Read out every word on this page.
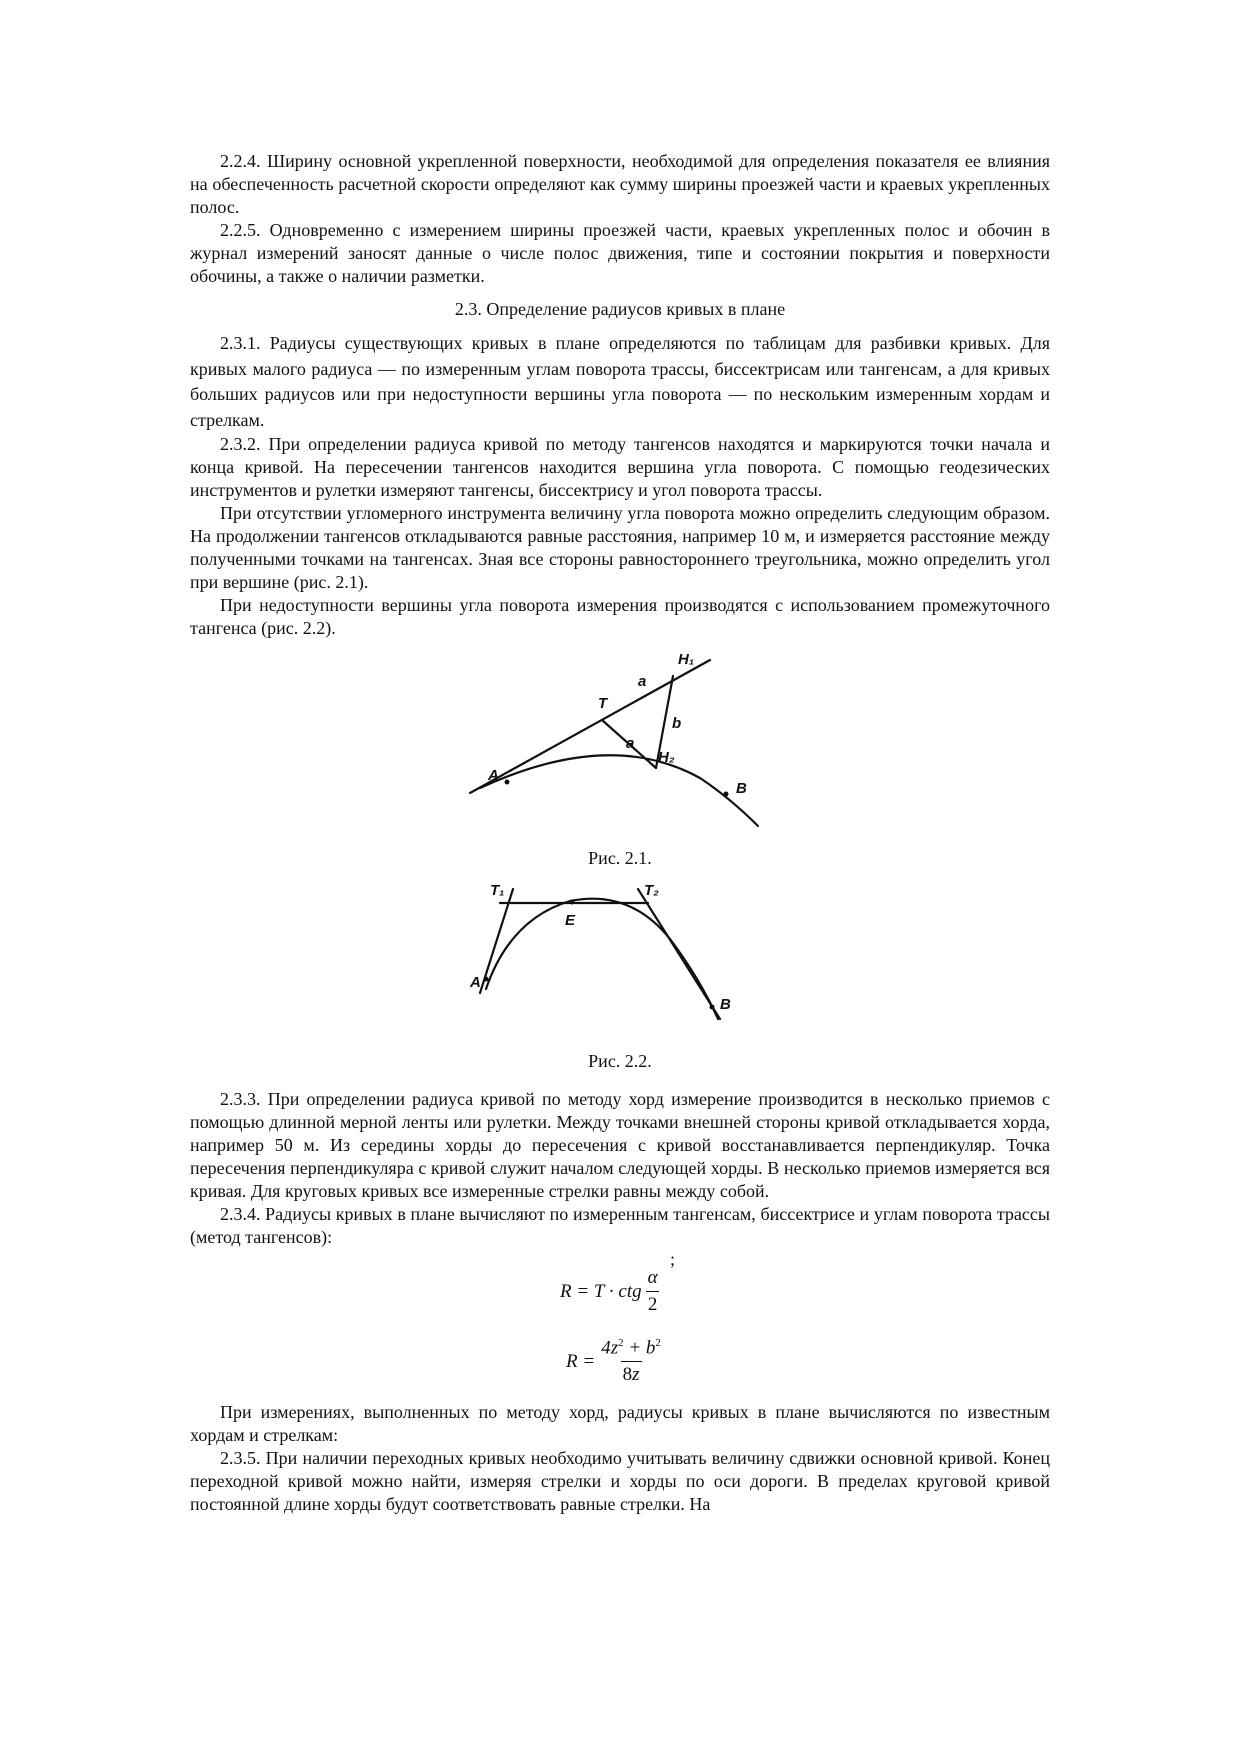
2.2.4. Ширину основной укрепленной поверхности, необходимой для определения показателя ее влияния на обеспеченность расчетной скорости определяют как сумму ширины проезжей части и краевых укрепленных полос.

2.2.5. Одновременно с измерением ширины проезжей части, краевых укрепленных полос и обочин в журнал измерений заносят данные о числе полос движения, типе и состоянии покрытия и поверхности обочины, а также о наличии разметки.

2.3. Определение радиусов кривых в плане

2.3.1. Радиусы существующих кривых в плане определяются по таблицам для разбивки кривых. Для кривых малого радиуса — по измеренным углам поворота трассы, биссектрисам или тангенсам, а для кривых больших радиусов или при недоступности вершины угла поворота — по нескольким измеренным хордам и стрелкам.

2.3.2. При определении радиуса кривой по методу тангенсов находятся и маркируются точки начала и конца кривой. На пересечении тангенсов находится вершина угла поворота. С помощью геодезических инструментов и рулетки измеряют тангенсы, биссектрису и угол поворота трассы.

При отсутствии угломерного инструмента величину угла поворота можно определить следующим образом. На продолжении тангенсов откладываются равные расстояния, например 10 м, и измеряется расстояние между полученными точками на тангенсах. Зная все стороны равностороннего треугольника, можно определить угол при вершине (рис. 2.1).

При недоступности вершины угла поворота измерения производятся с использованием промежуточного тангенса (рис. 2.2).

A
B
T
H₁
H₂
a
a
b

Рис. 2.1.

T₁	T₂
E
A
B

Рис. 2.2.

2.3.3. При определении радиуса кривой по методу хорд измерение производится в несколько приемов с помощью длинной мерной ленты или рулетки. Между точками внешней стороны кривой откладывается хорда, например 50 м. Из середины хорды до пересечения с кривой восстанавливается перпендикуляр. Точка пересечения перпендикуляра с кривой служит началом следующей хорды. В несколько приемов измеряется вся кривая. Для круговых кривых все измеренные стрелки равны между собой.

2.3.4. Радиусы кривых в плане вычисляют по измеренным тангенсам, биссектрисе и углам поворота трассы (метод тангенсов):

;
R = T · ctg $\frac{\alpha}{2}$
$R = \frac{4z^2 + b^2}{8z}$

При измерениях, выполненных по методу хорд, радиусы кривых в плане вычисляются по известным хордам и стрелкам:

2.3.5. При наличии переходных кривых необходимо учитывать величину сдвижки основной кривой. Конец переходной кривой можно найти, измеряя стрелки и хорды по оси дороги. В пределах круговой кривой постоянной длине хорды будут соответствовать равные стрелки. На
